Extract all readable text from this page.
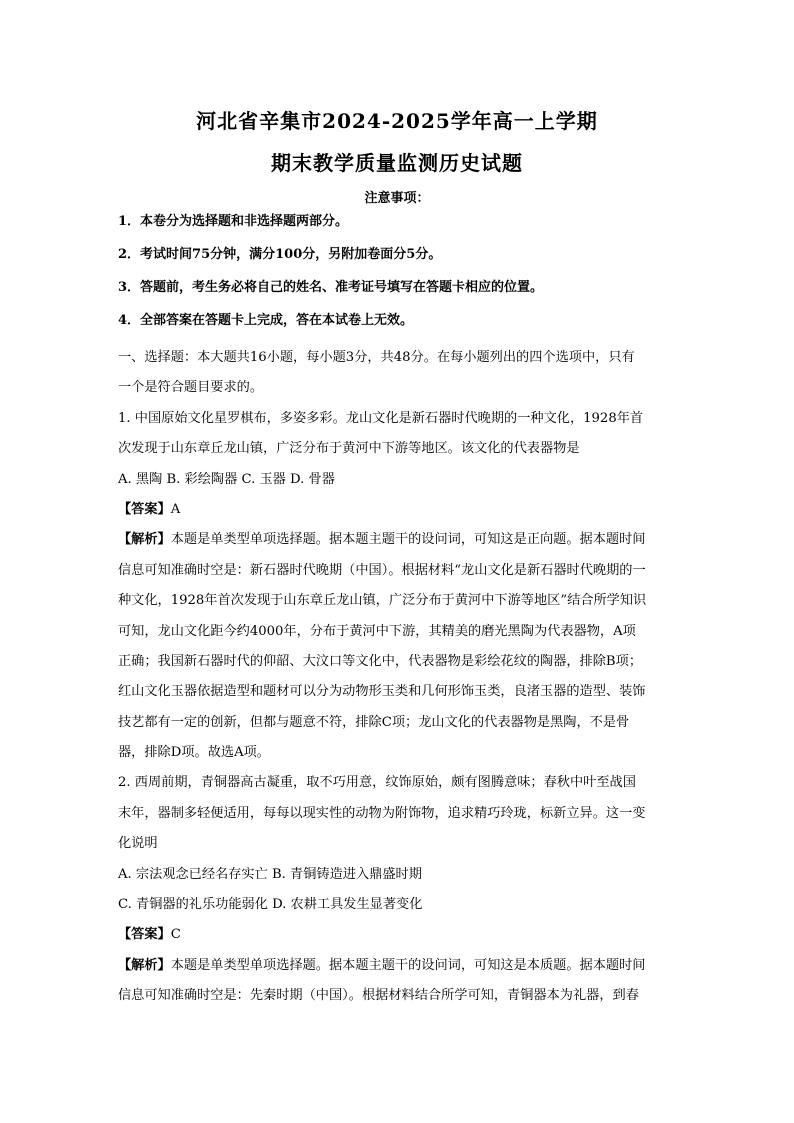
河北省辛集市2024-2025学年高一上学期
期末教学质量监测历史试题
注意事项：
1．本卷分为选择题和非选择题两部分。
2．考试时间75分钟，满分100分，另附加卷面分5分。
3．答题前，考生务必将自己的姓名、准考证号填写在答题卡相应的位置。
4．全部答案在答题卡上完成，答在本试卷上无效。
一、选择题：本大题共16小题，每小题3分，共48分。在每小题列出的四个选项中，只有
一个是符合题目要求的。
1. 中国原始文化星罗棋布，多姿多彩。龙山文化是新石器时代晚期的一种文化，1928年首
次发现于山东章丘龙山镇，广泛分布于黄河中下游等地区。该文化的代表器物是
A. 黑陶 B. 彩绘陶器 C. 玉器 D. 骨器
【答案】A
【解析】本题是单类型单项选择题。据本题主题干的设问词，可知这是正向题。据本题时间
信息可知准确时空是：新石器时代晚期（中国）。根据材料“龙山文化是新石器时代晚期的一
种文化，1928年首次发现于山东章丘龙山镇，广泛分布于黄河中下游等地区”结合所学知识
可知，龙山文化距今约4000年，分布于黄河中下游，其精美的磨光黑陶为代表器物，A项
正确；我国新石器时代的仰韶、大汶口等文化中，代表器物是彩绘花纹的陶器，排除B项；
红山文化玉器依据造型和题材可以分为动物形玉类和几何形饰玉类，良渚玉器的造型、装饰
技艺都有一定的创新，但都与题意不符，排除C项；龙山文化的代表器物是黑陶，不是骨
器，排除D项。故选A项。
2. 西周前期，青铜器高古凝重，取不巧用意，纹饰原始，颇有图腾意味；春秋中叶至战国
末年，器制多轻便适用，每每以现实性的动物为附饰物，追求精巧玲珑，标新立异。这一变
化说明
A. 宗法观念已经名存实亡 B. 青铜铸造进入鼎盛时期
C. 青铜器的礼乐功能弱化 D. 农耕工具发生显著变化
【答案】C
【解析】本题是单类型单项选择题。据本题主题干的设问词，可知这是本质题。据本题时间
信息可知准确时空是：先秦时期（中国）。根据材料结合所学可知，青铜器本为礼器，到春
